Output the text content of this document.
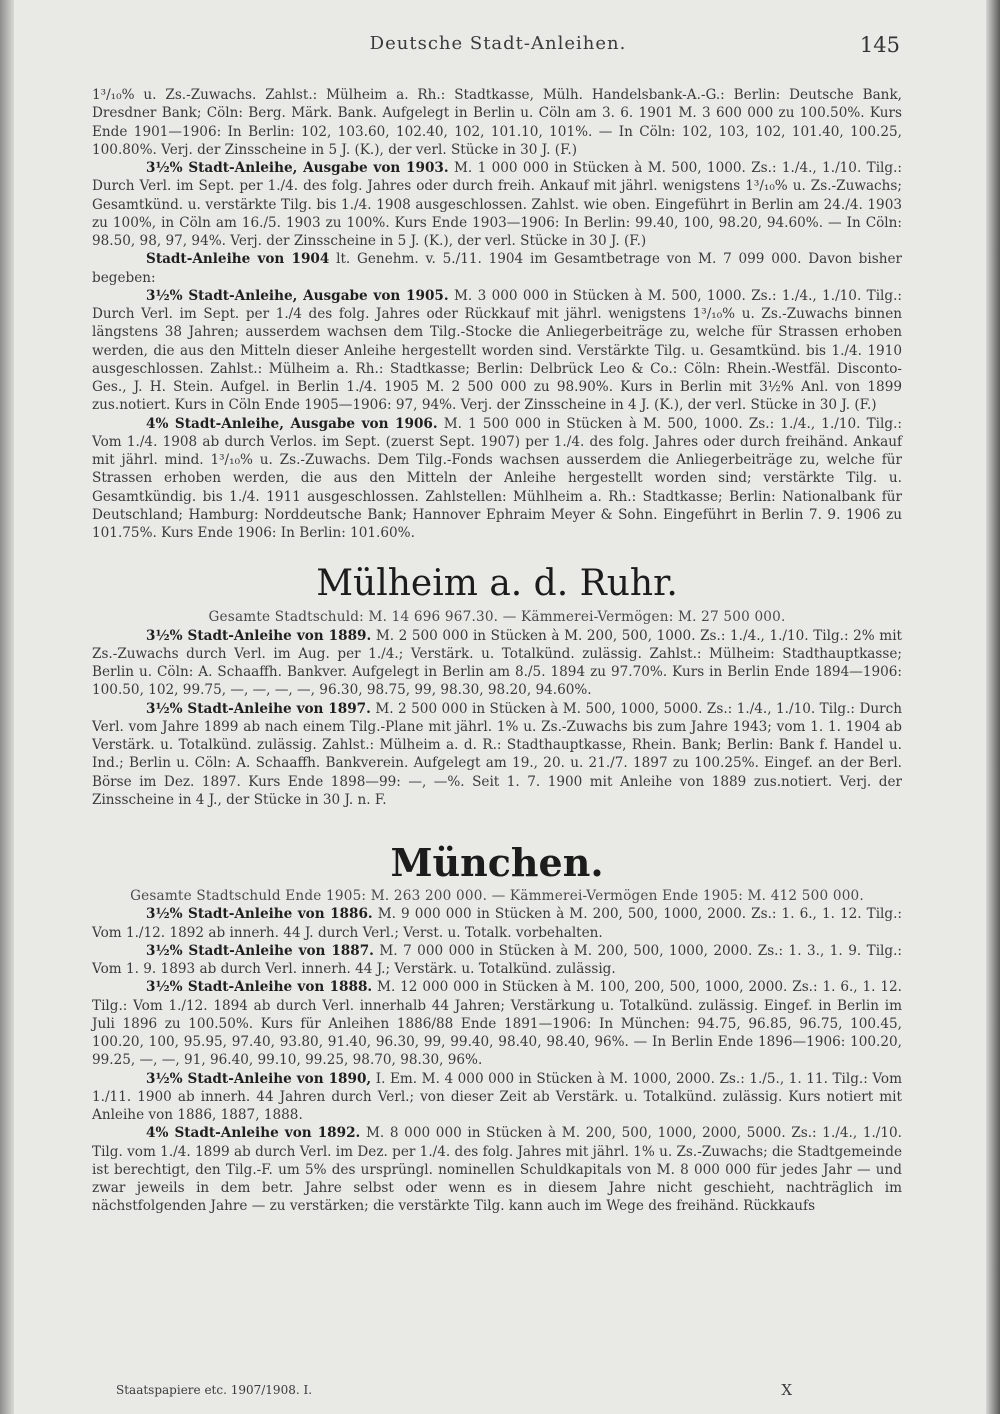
Deutsche Stadt-Anleihen.	145

1³/₁₀% u. Zs.-Zuwachs. Zahlst.: Mülheim a. Rh.: Stadtkasse, Mülh. Handelsbank-A.-G.: Berlin: Deutsche Bank, Dresdner Bank; Cöln: Berg. Märk. Bank. Aufgelegt in Berlin u. Cöln am 3. 6. 1901 M. 3 600 000 zu 100.50%. Kurs Ende 1901—1906: In Berlin: 102, 103.60, 102.40, 102, 101.10, 101%. — In Cöln: 102, 103, 102, 101.40, 100.25, 100.80%. Verj. der Zinsscheine in 5 J. (K.), der verl. Stücke in 30 J. (F.)

3½% Stadt-Anleihe, Ausgabe von 1903. M. 1 000 000 in Stücken à M. 500, 1000. Zs.: 1./4., 1./10. Tilg.: Durch Verl. im Sept. per 1./4. des folg. Jahres oder durch freih. Ankauf mit jährl. wenigstens 1³/₁₀% u. Zs.-Zuwachs; Gesamtkünd. u. verstärkte Tilg. bis 1./4. 1908 ausgeschlossen. Zahlst. wie oben. Eingeführt in Berlin am 24./4. 1903 zu 100%, in Cöln am 16./5. 1903 zu 100%. Kurs Ende 1903—1906: In Berlin: 99.40, 100, 98.20, 94.60%. — In Cöln: 98.50, 98, 97, 94%. Verj. der Zinsscheine in 5 J. (K.), der verl. Stücke in 30 J. (F.)

Stadt-Anleihe von 1904 lt. Genehm. v. 5./11. 1904 im Gesamtbetrage von M. 7 099 000. Davon bisher begeben:

3½% Stadt-Anleihe, Ausgabe von 1905. M. 3 000 000 in Stücken à M. 500, 1000. Zs.: 1./4., 1./10. Tilg.: Durch Verl. im Sept. per 1./4 des folg. Jahres oder Rückkauf mit jährl. wenigstens 1³/₁₀% u. Zs.-Zuwachs binnen längstens 38 Jahren; ausserdem wachsen dem Tilg.-Stocke die Anliegerbeiträge zu, welche für Strassen erhoben werden, die aus den Mitteln dieser Anleihe hergestellt worden sind. Verstärkte Tilg. u. Gesamtkünd. bis 1./4. 1910 ausgeschlossen. Zahlst.: Mülheim a. Rh.: Stadtkasse; Berlin: Delbrück Leo & Co.: Cöln: Rhein.-Westfäl. Disconto-Ges., J. H. Stein. Aufgel. in Berlin 1./4. 1905 M. 2 500 000 zu 98.90%. Kurs in Berlin mit 3½% Anl. von 1899 zus.notiert. Kurs in Cöln Ende 1905—1906: 97, 94%. Verj. der Zinsscheine in 4 J. (K.), der verl. Stücke in 30 J. (F.)

4% Stadt-Anleihe, Ausgabe von 1906. M. 1 500 000 in Stücken à M. 500, 1000. Zs.: 1./4., 1./10. Tilg.: Vom 1./4. 1908 ab durch Verlos. im Sept. (zuerst Sept. 1907) per 1./4. des folg. Jahres oder durch freihänd. Ankauf mit jährl. mind. 1³/₁₀% u. Zs.-Zuwachs. Dem Tilg.-Fonds wachsen ausserdem die Anliegerbeiträge zu, welche für Strassen erhoben werden, die aus den Mitteln der Anleihe hergestellt worden sind; verstärkte Tilg. u. Gesamtkündig. bis 1./4. 1911 ausgeschlossen. Zahlstellen: Mühlheim a. Rh.: Stadtkasse; Berlin: Nationalbank für Deutschland; Hamburg: Norddeutsche Bank; Hannover Ephraim Meyer & Sohn. Eingeführt in Berlin 7. 9. 1906 zu 101.75%. Kurs Ende 1906: In Berlin: 101.60%.

Mülheim a. d. Ruhr.
Gesamte Stadtschuld: M. 14 696 967.30. — Kämmerei-Vermögen: M. 27 500 000.

3½% Stadt-Anleihe von 1889. M. 2 500 000 in Stücken à M. 200, 500, 1000. Zs.: 1./4., 1./10. Tilg.: 2% mit Zs.-Zuwachs durch Verl. im Aug. per 1./4.; Verstärk. u. Totalkünd. zulässig. Zahlst.: Mülheim: Stadthauptkasse; Berlin u. Cöln: A. Schaaffh. Bankver. Aufgelegt in Berlin am 8./5. 1894 zu 97.70%. Kurs in Berlin Ende 1894—1906: 100.50, 102, 99.75, —, —, —, —, 96.30, 98.75, 99, 98.30, 98.20, 94.60%.

3½% Stadt-Anleihe von 1897. M. 2 500 000 in Stücken à M. 500, 1000, 5000. Zs.: 1./4., 1./10. Tilg.: Durch Verl. vom Jahre 1899 ab nach einem Tilg.-Plane mit jährl. 1% u. Zs.-Zuwachs bis zum Jahre 1943; vom 1. 1. 1904 ab Verstärk. u. Totalkünd. zulässig. Zahlst.: Mülheim a. d. R.: Stadthauptkasse, Rhein. Bank; Berlin: Bank f. Handel u. Ind.; Berlin u. Cöln: A. Schaaffh. Bankverein. Aufgelegt am 19., 20. u. 21./7. 1897 zu 100.25%. Eingef. an der Berl. Börse im Dez. 1897. Kurs Ende 1898—99: —, —%. Seit 1. 7. 1900 mit Anleihe von 1889 zus.notiert. Verj. der Zinsscheine in 4 J., der Stücke in 30 J. n. F.

München.
Gesamte Stadtschuld Ende 1905: M. 263 200 000. — Kämmerei-Vermögen Ende 1905: M. 412 500 000.

3½% Stadt-Anleihe von 1886. M. 9 000 000 in Stücken à M. 200, 500, 1000, 2000. Zs.: 1. 6., 1. 12. Tilg.: Vom 1./12. 1892 ab innerh. 44 J. durch Verl.; Verst. u. Totalk. vorbehalten.

3½% Stadt-Anleihe von 1887. M. 7 000 000 in Stücken à M. 200, 500, 1000, 2000. Zs.: 1. 3., 1. 9. Tilg.: Vom 1. 9. 1893 ab durch Verl. innerh. 44 J.; Verstärk. u. Totalkünd. zulässig.

3½% Stadt-Anleihe von 1888. M. 12 000 000 in Stücken à M. 100, 200, 500, 1000, 2000. Zs.: 1. 6., 1. 12. Tilg.: Vom 1./12. 1894 ab durch Verl. innerhalb 44 Jahren; Verstärkung u. Totalkünd. zulässig. Eingef. in Berlin im Juli 1896 zu 100.50%. Kurs für Anleihen 1886/88 Ende 1891—1906: In München: 94.75, 96.85, 96.75, 100.45, 100.20, 100, 95.95, 97.40, 93.80, 91.40, 96.30, 99, 99.40, 98.40, 98.40, 96%. — In Berlin Ende 1896—1906: 100.20, 99.25, —, —, 91, 96.40, 99.10, 99.25, 98.70, 98.30, 96%.

3½% Stadt-Anleihe von 1890, I. Em. M. 4 000 000 in Stücken à M. 1000, 2000. Zs.: 1./5., 1. 11. Tilg.: Vom 1./11. 1900 ab innerh. 44 Jahren durch Verl.; von dieser Zeit ab Verstärk. u. Totalkünd. zulässig. Kurs notiert mit Anleihe von 1886, 1887, 1888.

4% Stadt-Anleihe von 1892. M. 8 000 000 in Stücken à M. 200, 500, 1000, 2000, 5000. Zs.: 1./4., 1./10. Tilg. vom 1./4. 1899 ab durch Verl. im Dez. per 1./4. des folg. Jahres mit jährl. 1% u. Zs.-Zuwachs; die Stadtgemeinde ist berechtigt, den Tilg.-F. um 5% des ursprüngl. nominellen Schuldkapitals von M. 8 000 000 für jedes Jahr — und zwar jeweils in dem betr. Jahre selbst oder wenn es in diesem Jahre nicht geschieht, nachträglich im nächstfolgenden Jahre — zu verstärken; die verstärkte Tilg. kann auch im Wege des freihänd. Rückkaufs

Staatspapiere etc. 1907/1908. I.	X
